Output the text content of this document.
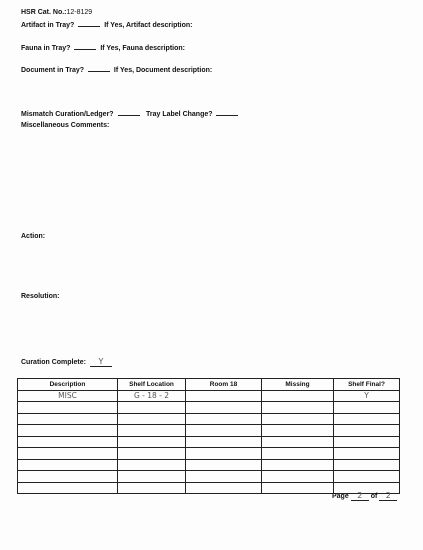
HSR Cat. No.:12-8129
Artifact in Tray?	If Yes, Artifact description:
Fauna in Tray?	If Yes, Fauna description:
Document in Tray?	If Yes, Document description:
Mismatch Curation/Ledger?	Tray Label Change?
Miscellaneous Comments:
Action:
Resolution:
Curation Complete: Y
Description	Shelf Location	Room 18	Missing	Shelf Final?
MISC	G - 18 - 2			Y

Page 2 of 2
